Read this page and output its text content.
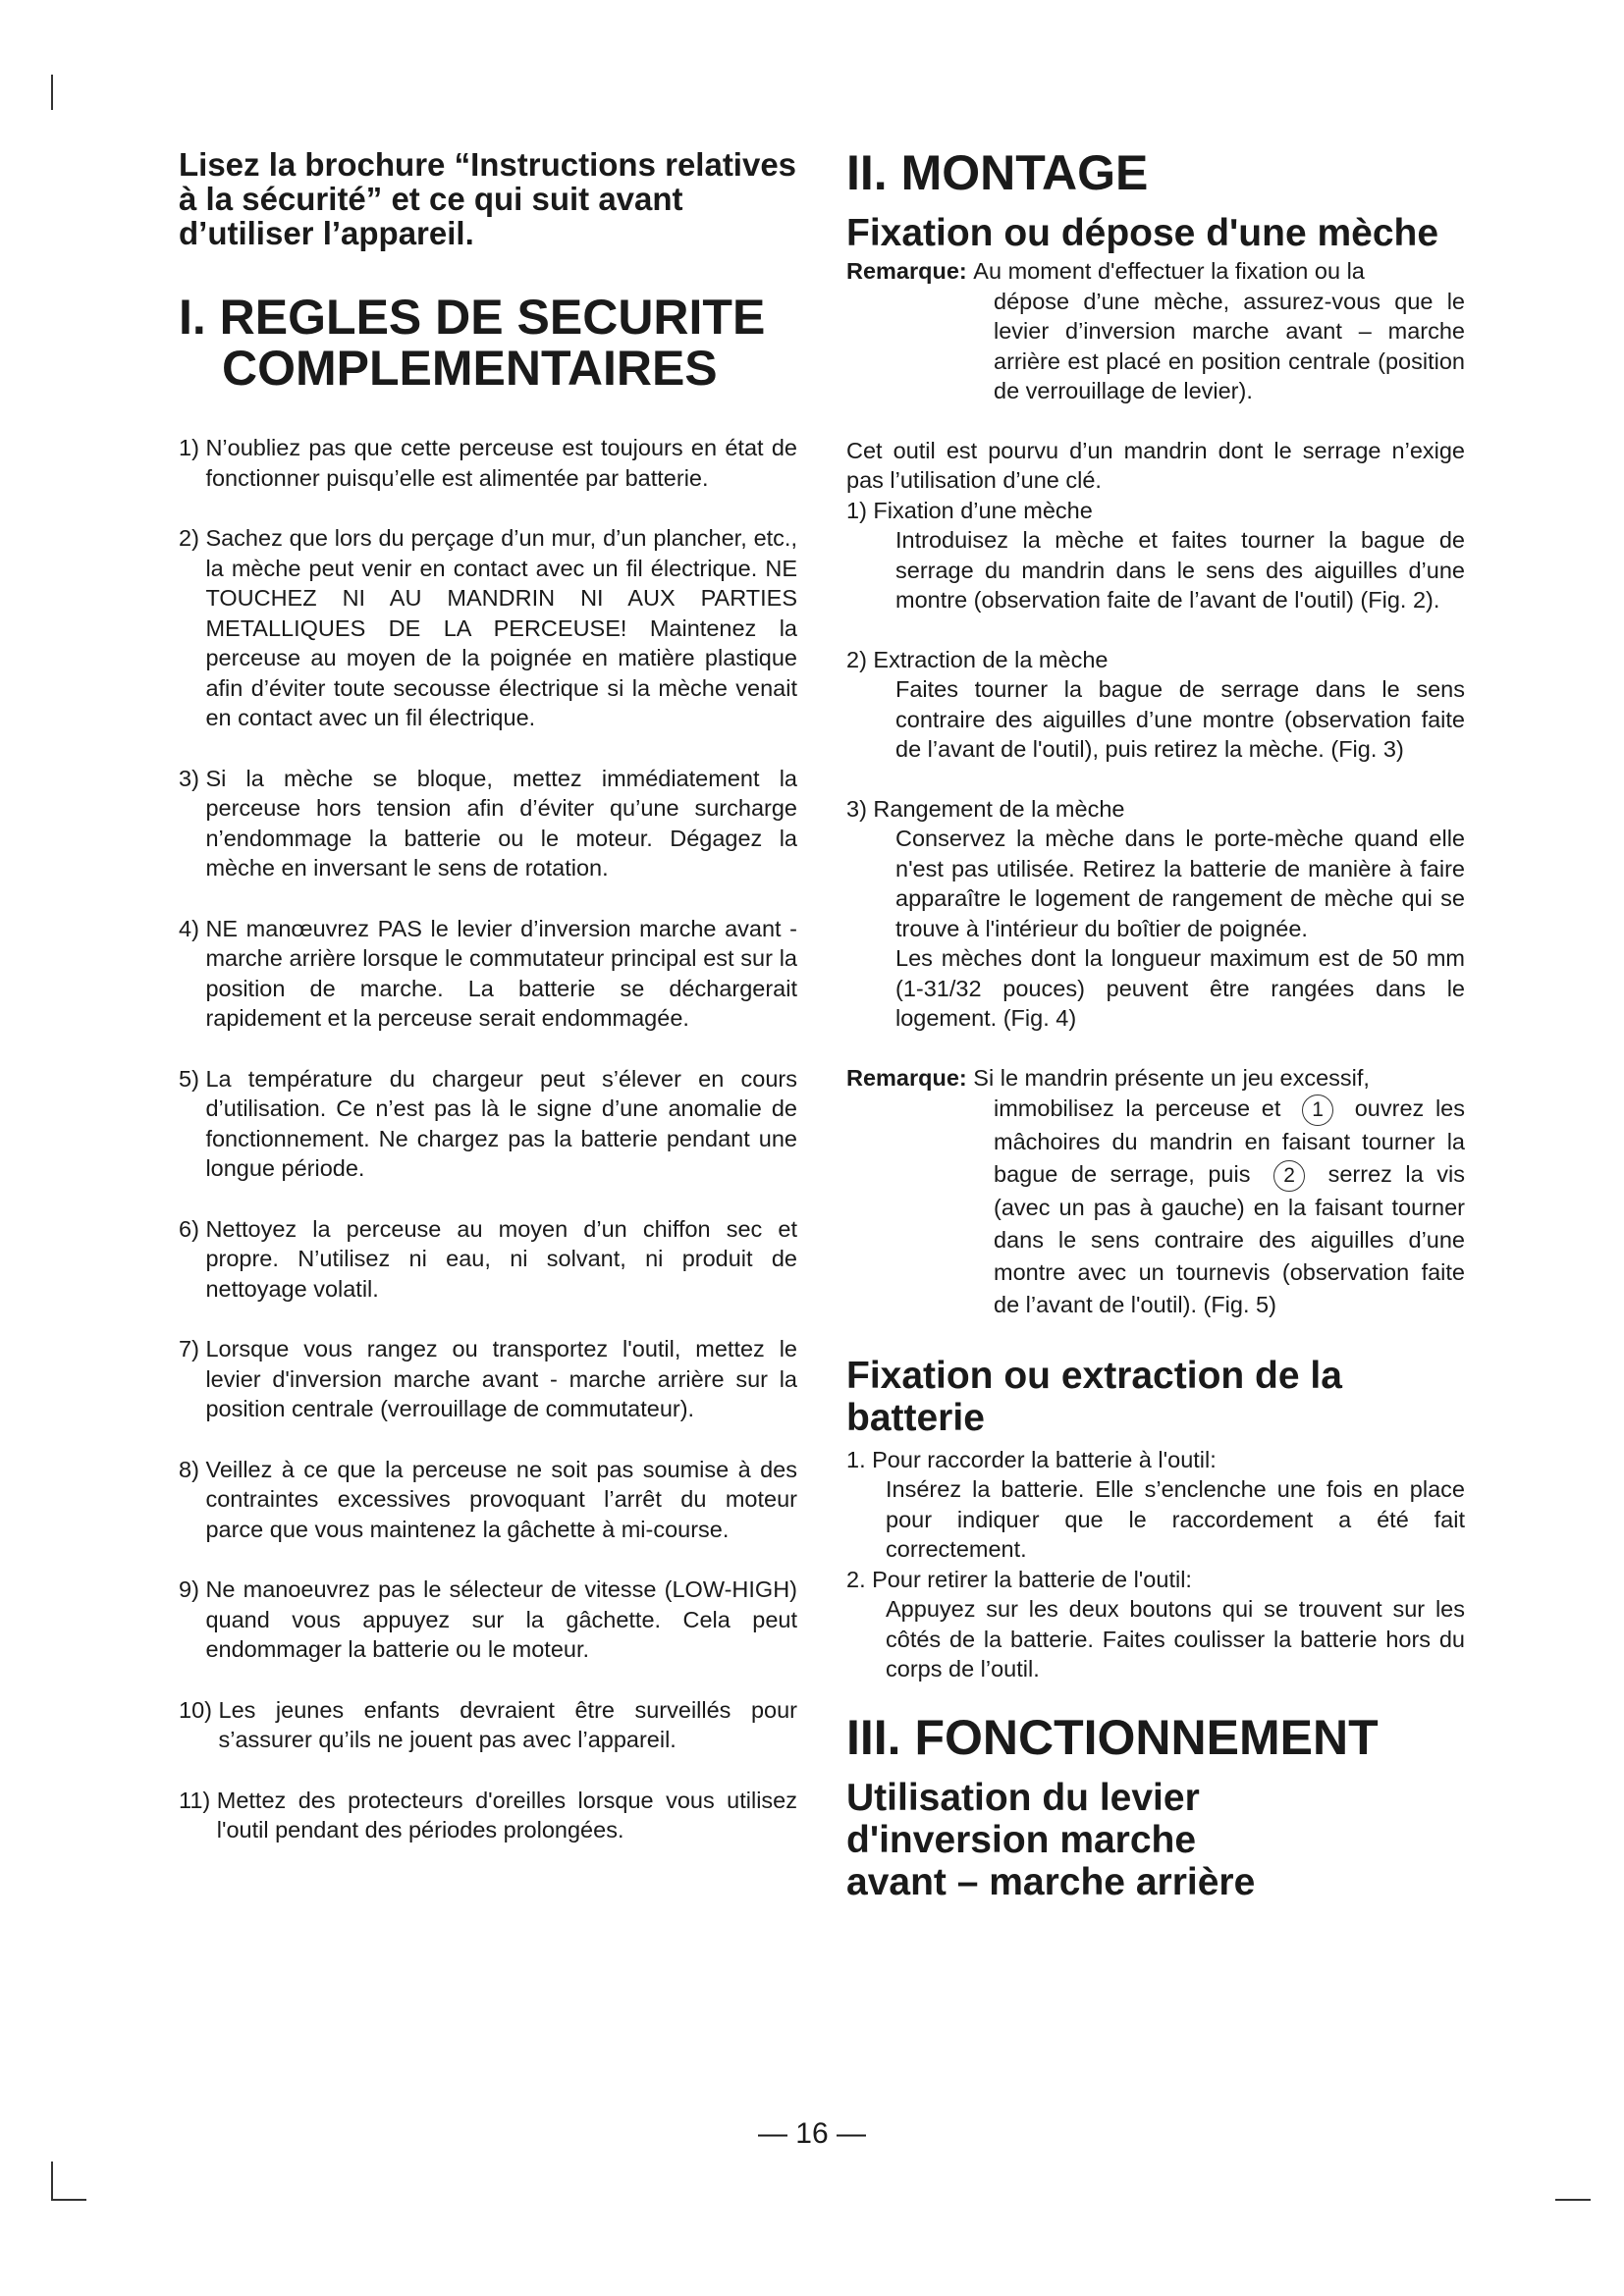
Lisez la brochure “Instructions relatives à la sécurité” et ce qui suit avant d’utiliser l’appareil.

I. REGLES DE SECURITE
COMPLEMENTAIRES
1) N’oubliez pas que cette perceuse est toujours en état de fonctionner puisqu’elle est alimentée par batterie.
2) Sachez que lors du perçage d’un mur, d’un plancher, etc., la mèche peut venir en contact avec un fil électrique. NE TOUCHEZ NI AU MANDRIN NI AUX PARTIES METALLIQUES DE LA PERCEUSE! Maintenez la perceuse au moyen de la poignée en matière plastique afin d’éviter toute secousse électrique si la mèche venait en contact avec un fil électrique.
3) Si la mèche se bloque, mettez immédiatement la perceuse hors tension afin d’éviter qu’une surcharge n’endommage la batterie ou le moteur. Dégagez la mèche en inversant le sens de rotation.
4) NE manœuvrez PAS le levier d’inversion marche avant - marche arrière lorsque le commutateur principal est sur la position de marche. La batterie se déchargerait rapidement et la perceuse serait endommagée.
5) La température du chargeur peut s’élever en cours d’utilisation. Ce n’est pas là le signe d’une anomalie de fonctionnement. Ne chargez pas la batterie pendant une longue période.
6) Nettoyez la perceuse au moyen d’un chiffon sec et propre. N’utilisez ni eau, ni solvant, ni produit de nettoyage volatil.
7) Lorsque vous rangez ou transportez l'outil, mettez le levier d'inversion marche avant - marche arrière sur la position centrale (verrouillage de commutateur).
8) Veillez à ce que la perceuse ne soit pas soumise à des contraintes excessives provoquant l’arrêt du moteur parce que vous maintenez la gâchette à mi-course.
9) Ne manoeuvrez pas le sélecteur de vitesse (LOW-HIGH) quand vous appuyez sur la gâchette. Cela peut endommager la batterie ou le moteur.
10) Les jeunes enfants devraient être surveillés pour s’assurer qu’ils ne jouent pas avec l’appareil.
11) Mettez des protecteurs d'oreilles lorsque vous utilisez l'outil pendant des périodes prolongées.
II. MONTAGE
Fixation ou dépose d'une mèche
Remarque: Au moment d'effectuer la fixation ou la
dépose d’une mèche, assurez-vous que le levier d’inversion marche avant – marche arrière est placé en position centrale (position de verrouillage de levier).
Cet outil est pourvu d’un mandrin dont le serrage n’exige pas l’utilisation d’une clé.
1) Fixation d’une mèche
Introduisez la mèche et faites tourner la bague de serrage du mandrin dans le sens des aiguilles d’une montre (observation faite de l’avant de l'outil) (Fig. 2).
2) Extraction de la mèche
Faites tourner la bague de serrage dans le sens contraire des aiguilles d’une montre (observation faite de l’avant de l'outil), puis retirez la mèche. (Fig. 3)
3) Rangement de la mèche
Conservez la mèche dans le porte-mèche quand elle n'est pas utilisée. Retirez la batterie de manière à faire apparaître le logement de rangement de mèche qui se trouve à l'intérieur du boîtier de poignée.
Les mèches dont la longueur maximum est de 50 mm (1-31/32 pouces) peuvent être rangées dans le logement. (Fig. 4)
Remarque: Si le mandrin présente un jeu excessif,
immobilisez la perceuse et 1 ouvrez les mâchoires du mandrin en faisant tourner la bague de serrage, puis 2 serrez la vis (avec un pas à gauche) en la faisant tourner dans le sens contraire des aiguilles d’une montre avec un tournevis (observation faite de l’avant de l'outil). (Fig. 5)
Fixation ou extraction de la batterie
1. Pour raccorder la batterie à l'outil:
Insérez la batterie. Elle s’enclenche une fois en place pour indiquer que le raccordement a été fait correctement.
2. Pour retirer la batterie de l'outil:
Appuyez sur les deux boutons qui se trouvent sur les côtés de la batterie. Faites coulisser la batterie hors du corps de l’outil.
III. FONCTIONNEMENT
Utilisation du levier
d'inversion marche
avant – marche arrière
— 16 —
